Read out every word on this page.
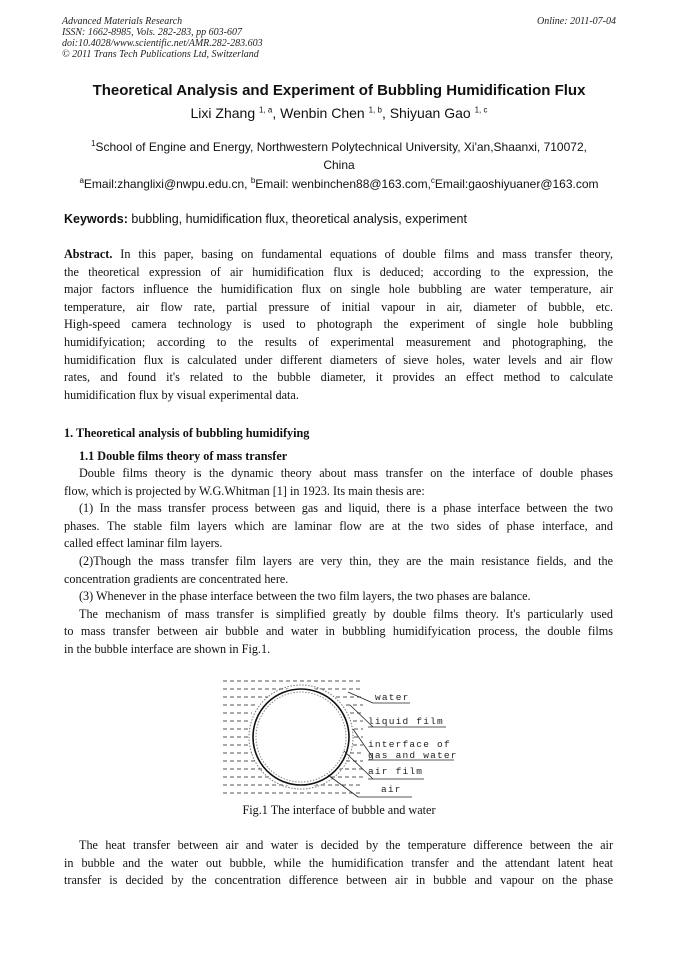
Advanced Materials Research
ISSN: 1662-8985, Vols. 282-283, pp 603-607
doi:10.4028/www.scientific.net/AMR.282-283.603
© 2011 Trans Tech Publications Ltd, Switzerland
Online: 2011-07-04
Theoretical Analysis and Experiment of Bubbling Humidification Flux
Lixi Zhang $^{1, a}$, Wenbin Chen $^{1, b}$, Shiyuan Gao $^{1, c}$
$^1$School of Engine and Energy, Northwestern Polytechnical University, Xi'an,Shaanxi, 710072,
China
$^a$Email:zhanglixi@nwpu.edu.cn, $^b$Email: wenbinchen88@163.com,$^c$Email:gaoshiyuaner@163.com
Keywords: bubbling, humidification flux, theoretical analysis, experiment
Abstract. In this paper, basing on fundamental equations of double films and mass transfer theory,
the theoretical expression of air humidification flux is deduced; according to the expression, the
major factors influence the humidification flux on single hole bubbling are water temperature, air
temperature, air flow rate, partial pressure of initial vapour in air, diameter of bubble, etc.
High-speed camera technology is used to photograph the experiment of single hole bubbling
humidifyication; according to the results of experimental measurement and photographing, the
humidification flux is calculated under different diameters of sieve holes, water levels and air flow
rates, and found it's related to the bubble diameter, it provides an effect method to calculate
humidification flux by visual experimental data.
1. Theoretical analysis of bubbling humidifying
1.1 Double films theory of mass transfer
Double films theory is the dynamic theory about mass transfer on the interface of double phases
flow, which is projected by W.G.Whitman [1] in 1923. Its main thesis are:
(1) In the mass transfer process between gas and liquid, there is a phase interface between the two
phases. The stable film layers which are laminar flow are at the two sides of phase interface, and
called effect laminar film layers.
(2)Though the mass transfer film layers are very thin, they are the main resistance fields, and the
concentration gradients are concentrated here.
(3) Whenever in the phase interface between the two film layers, the two phases are balance.
The mechanism of mass transfer is simplified greatly by double films theory. It's particularly used
to mass transfer between air bubble and water in bubbling humidifyication process, the double films
in the bubble interface are shown in Fig.1.
water
liquid film
interface of
gas and water
air film
air
Fig.1 The interface of bubble and water
The heat transfer between air and water is decided by the temperature difference between the air
in bubble and the water out bubble, while the humidification transfer and the attendant latent heat
transfer is decided by the concentration difference between air in bubble and vapour on the phase
